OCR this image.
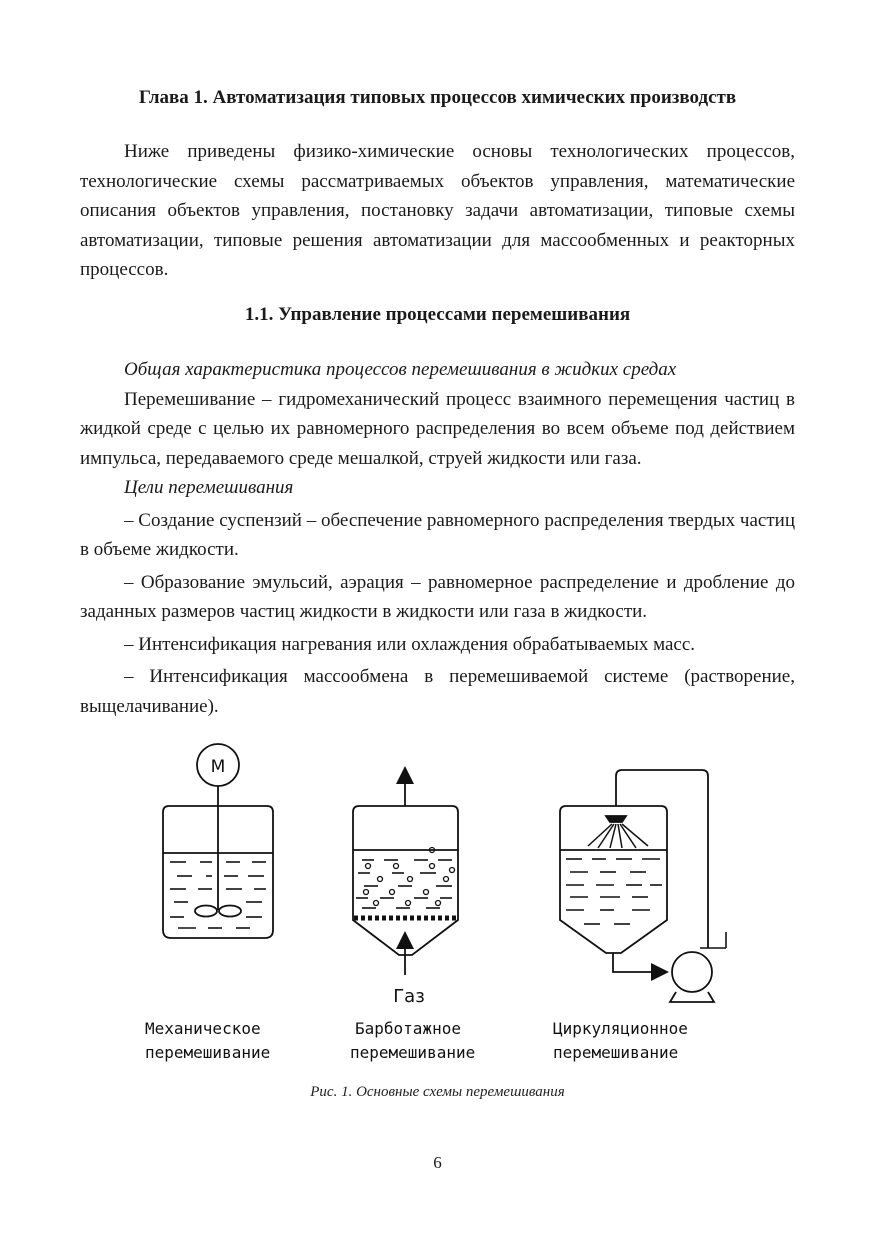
Глава 1. Автоматизация типовых процессов химических производств

Ниже приведены физико-химические основы технологических процессов, технологические схемы рассматриваемых объектов управления, математические описания объектов управления, постановку задачи автоматизации, типовые схемы автоматизации, типовые решения автоматизации для массообменных и реакторных процессов.

1.1. Управление процессами перемешивания

Общая характеристика процессов перемешивания в жидких средах

Перемешивание – гидромеханический процесс взаимного перемещения частиц в жидкой среде с целью их равномерного распределения во всем объеме под действием импульса, передаваемого среде мешалкой, струей жидкости или газа.

Цели перемешивания

– Создание суспензий – обеспечение равномерного распределения твердых частиц в объеме жидкости.

– Образование эмульсий, аэрация – равномерное распределение и дробление до заданных размеров частиц жидкости в жидкости или газа в жидкости.

– Интенсификация нагревания или охлаждения обрабатываемых масс.

– Интенсификация массообмена в перемешиваемой системе (растворение, выщелачивание).

М
Газ
Механическое
перемешивание
Барботажное
перемешивание
Циркуляционное
перемешивание
Рис. 1. Основные схемы перемешивания
6
